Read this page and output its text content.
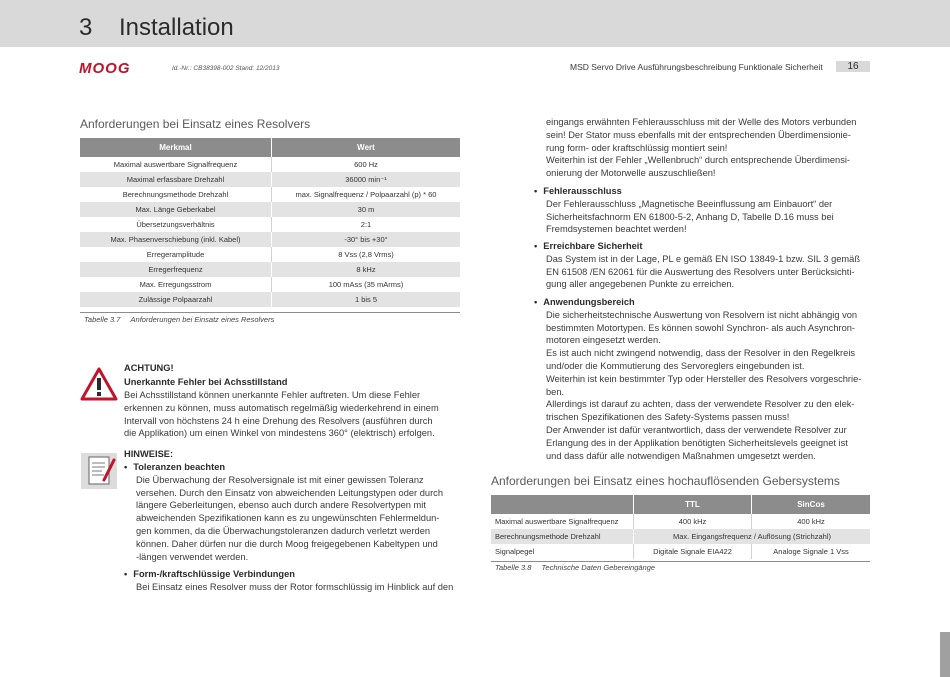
3 Installation
MOOG	Id.-Nr.: CB38398-002 Stand: 12/2013	MSD Servo Drive Ausführungsbeschreibung Funktionale Sicherheit	16
Anforderungen bei Einsatz eines Resolvers
Merkmal	Wert
Maximal auswertbare Signalfrequenz	600 Hz
Maximal erfassbare Drehzahl	36000 min⁻¹
Berechnungsmethode Drehzahl	max. Signalfrequenz / Polpaarzahl (p) * 60
Max. Länge Geberkabel	30 m
Übersetzungsverhältnis	2:1
Max. Phasenverschiebung (inkl. Kabel)	-30° bis +30°
Erregeramplitude	8 Vss (2,8 Vrms)
Erregerfrequenz	8 kHz
Max. Erregungsstrom	100 mAss (35 mArms)
Zulässige Polpaarzahl	1 bis 5
Tabelle 3.7 Anforderungen bei Einsatz eines Resolvers
ACHTUNG!
Unerkannte Fehler bei Achsstillstand
Bei Achsstillstand können unerkannte Fehler auftreten. Um diese Fehler
erkennen zu können, muss automatisch regelmäßig wiederkehrend in einem
Intervall von höchstens 24 h eine Drehung des Resolvers (ausführen durch
die Applikation) um einen Winkel von mindestens 360° (elektrisch) erfolgen.
HINWEISE:
• Toleranzen beachten
Die Überwachung der Resolversignale ist mit einer gewissen Toleranz
versehen. Durch den Einsatz von abweichenden Leitungstypen oder durch
längere Geberleitungen, ebenso auch durch andere Resolvertypen mit
abweichenden Spezifikationen kann es zu ungewünschten Fehlermeldun-
gen kommen, da die Überwachungstoleranzen dadurch verletzt werden
können. Daher dürfen nur die durch Moog freigegebenen Kabeltypen und
-längen verwendet werden.
• Form-/kraftschlüssige Verbindungen
Bei Einsatz eines Resolver muss der Rotor formschlüssig im Hinblick auf den
eingangs erwähnten Fehlerausschluss mit der Welle des Motors verbunden
sein! Der Stator muss ebenfalls mit der entsprechenden Überdimensionie-
rung form- oder kraftschlüssig montiert sein!
Weiterhin ist der Fehler „Wellenbruch“ durch entsprechende Überdimensi-
onierung der Motorwelle auszuschließen!
• Fehlerausschluss
Der Fehlerausschluss „Magnetische Beeinflussung am Einbauort“ der
Sicherheitsfachnorm EN 61800-5-2, Anhang D, Tabelle D.16 muss bei
Fremdsystemen beachtet werden!
• Erreichbare Sicherheit
Das System ist in der Lage, PL e gemäß EN ISO 13849-1 bzw. SIL 3 gemäß
EN 61508 /EN 62061 für die Auswertung des Resolvers unter Berücksichti-
gung aller angegebenen Punkte zu erreichen.
• Anwendungsbereich
Die sicherheitstechnische Auswertung von Resolvern ist nicht abhängig von
bestimmten Motortypen. Es können sowohl Synchron- als auch Asynchron-
motoren eingesetzt werden.
Es ist auch nicht zwingend notwendig, dass der Resolver in den Regelkreis
und/oder die Kommutierung des Servoreglers eingebunden ist.
Weiterhin ist kein bestimmter Typ oder Hersteller des Resolvers vorgeschrie-
ben.
Allerdings ist darauf zu achten, dass der verwendete Resolver zu den elek-
trischen Spezifikationen des Safety-Systems passen muss!
Der Anwender ist dafür verantwortlich, dass der verwendete Resolver zur
Erlangung des in der Applikation benötigten Sicherheitslevels geeignet ist
und dass dafür alle notwendigen Maßnahmen umgesetzt werden.
Anforderungen bei Einsatz eines hochauflösenden Gebersystems
	TTL	SinCos
Maximal auswertbare Signalfrequenz	400 kHz	400 kHz
Berechnungsmethode Drehzahl	Max. Eingangsfrequenz / Auflösung (Strichzahl)	
Signalpegel	Digitale Signale EIA422	Analoge Signale 1 Vss
Tabelle 3.8 Technische Daten Gebereingänge
